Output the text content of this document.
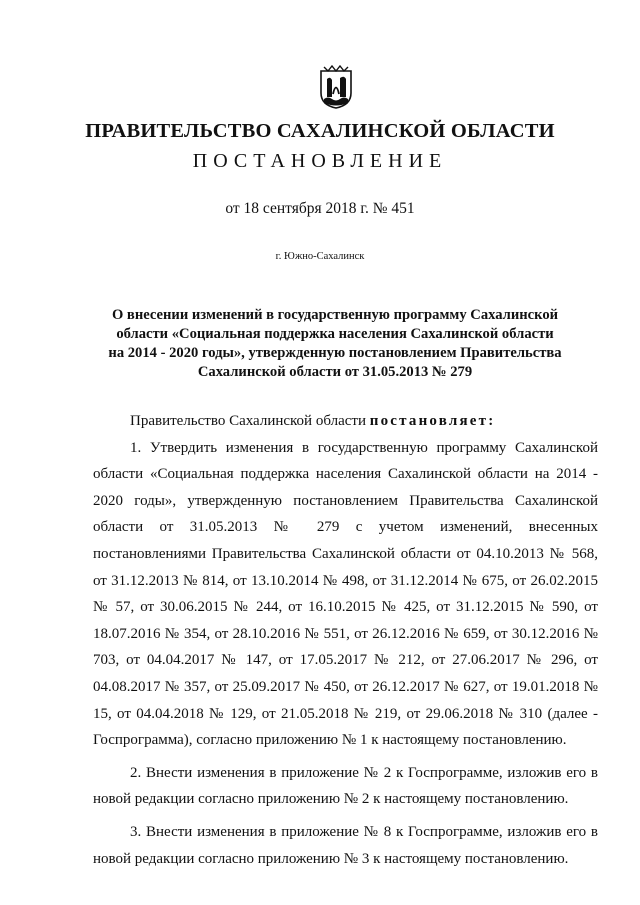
ПРАВИТЕЛЬСТВО САХАЛИНСКОЙ ОБЛАСТИ
ПОСТАНОВЛЕНИЕ
от 18 сентября 2018 г. № 451
г. Южно-Сахалинск
О внесении изменений в государственную программу Сахалинской
области «Социальная поддержка населения Сахалинской области
на 2014 - 2020 годы», утвержденную постановлением Правительства
Сахалинской области от 31.05.2013 № 279

Правительство Сахалинской области постановляет:

1. Утвердить изменения в государственную программу Сахалинской области «Социальная поддержка населения Сахалинской области на 2014 - 2020 годы», утвержденную постановлением Правительства Сахалинской области от 31.05.2013 № 279 с учетом изменений, внесенных постановлениями Правительства Сахалинской области от 04.10.2013 № 568, от 31.12.2013 № 814, от 13.10.2014 № 498, от 31.12.2014 № 675, от 26.02.2015 № 57, от 30.06.2015 № 244, от 16.10.2015 № 425, от 31.12.2015 № 590, от 18.07.2016 № 354, от 28.10.2016 № 551, от 26.12.2016 № 659, от 30.12.2016 № 703, от 04.04.2017 № 147, от 17.05.2017 № 212, от 27.06.2017 № 296, от 04.08.2017 № 357, от 25.09.2017 № 450, от 26.12.2017 № 627, от 19.01.2018 № 15, от 04.04.2018 № 129, от 21.05.2018 № 219, от 29.06.2018 № 310 (далее - Госпрограмма), согласно приложению № 1 к настоящему постановлению.

2. Внести изменения в приложение № 2 к Госпрограмме, изложив его в новой редакции согласно приложению № 2 к настоящему постановлению.

3. Внести изменения в приложение № 8 к Госпрограмме, изложив его в новой редакции согласно приложению № 3 к настоящему постановлению.
